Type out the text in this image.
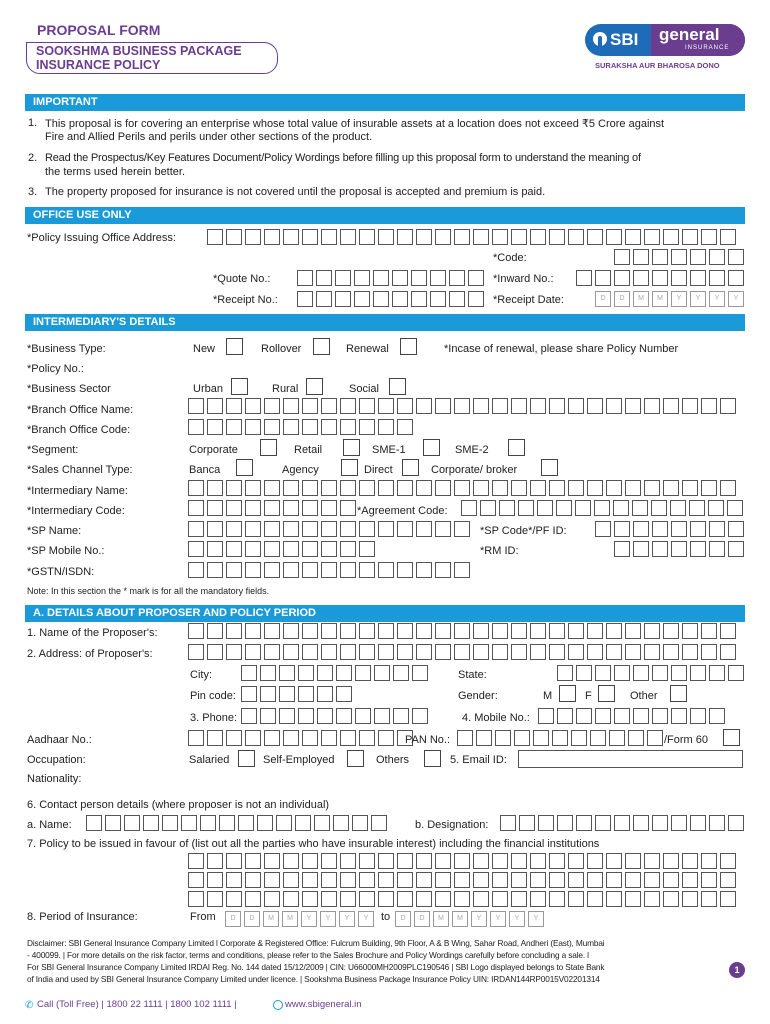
PROPOSAL FORM
SOOKSHMA BUSINESS PACKAGE
INSURANCE POLICY
SBI general
INSURANCE
SURAKSHA AUR BHAROSA DONO
IMPORTANT
1. This proposal is for covering an enterprise whose total value of insurable assets at a location does not exceed ₹5 Crore against
Fire and Allied Perils and perils under other sections of the product.
2. Read the Prospectus/Key Features Document/Policy Wordings before filling up this proposal form to understand the meaning of
the terms used herein better.
3. The property proposed for insurance is not covered until the proposal is accepted and premium is paid.
OFFICE USE ONLY
*Policy Issuing Office Address:
*Code:
*Quote No.:	*Inward No.:
*Receipt No.:	*Receipt Date:	D	D	M	M	Y	Y	Y	Y
INTERMEDIARY'S DETAILS
*Business Type:	New	Rollover	Renewal	*Incase of renewal, please share Policy Number
*Policy No.:
*Business Sector	Urban	Rural	Social
*Branch Office Name:
*Branch Office Code:
*Segment:	Corporate	Retail	SME-1	SME-2
*Sales Channel Type:	Banca	Agency	Direct	Corporate/ broker
*Intermediary Name:
*Intermediary Code:	*Agreement Code:
*SP Name:	*SP Code*/PF ID:
*SP Mobile No.:	*RM ID:
*GSTN/ISDN:
Note: In this section the * mark is for all the mandatory fields.
A. DETAILS ABOUT PROPOSER AND POLICY PERIOD
1. Name of the Proposer's:
2. Address: of Proposer's:
City:	State:
Pin code:	Gender:	M	F	Other
3. Phone:	4. Mobile No.:
Aadhaar No.:	PAN No.:	/Form 60
Occupation:	Salaried	Self-Employed	Others	5. Email ID:
Nationality:
6. Contact person details (where proposer is not an individual)
a. Name:	b. Designation:
7. Policy to be issued in favour of (list out all the parties who have insurable interest) including the financial institutions
8. Period of Insurance:	From	D	D	M	M	Y	Y	Y	Y	to	D	D	M	M	Y	Y	Y	Y
Disclaimer: SBI General Insurance Company Limited l Corporate & Registered Office: Fulcrum Building, 9th Floor, A & B Wing, Sahar Road, Andheri (East), Mumbai
- 400099. | For more details on the risk factor, terms and conditions, please refer to the Sales Brochure and Policy Wordings carefully before concluding a sale. l
For SBI General Insurance Company Limited IRDAI Reg. No. 144 dated 15/12/2009 | CIN: U66000MH2009PLC190546 | SBI Logo displayed belongs to State Bank
of India and used by SBI General Insurance Company Limited under licence. | Sookshma Business Package Insurance Policy UIN: IRDAN144RP0015V02201314
1
✆ Call (Toll Free) | 1800 22 1111 | 1800 102 1111 |	www.sbigeneral.in
